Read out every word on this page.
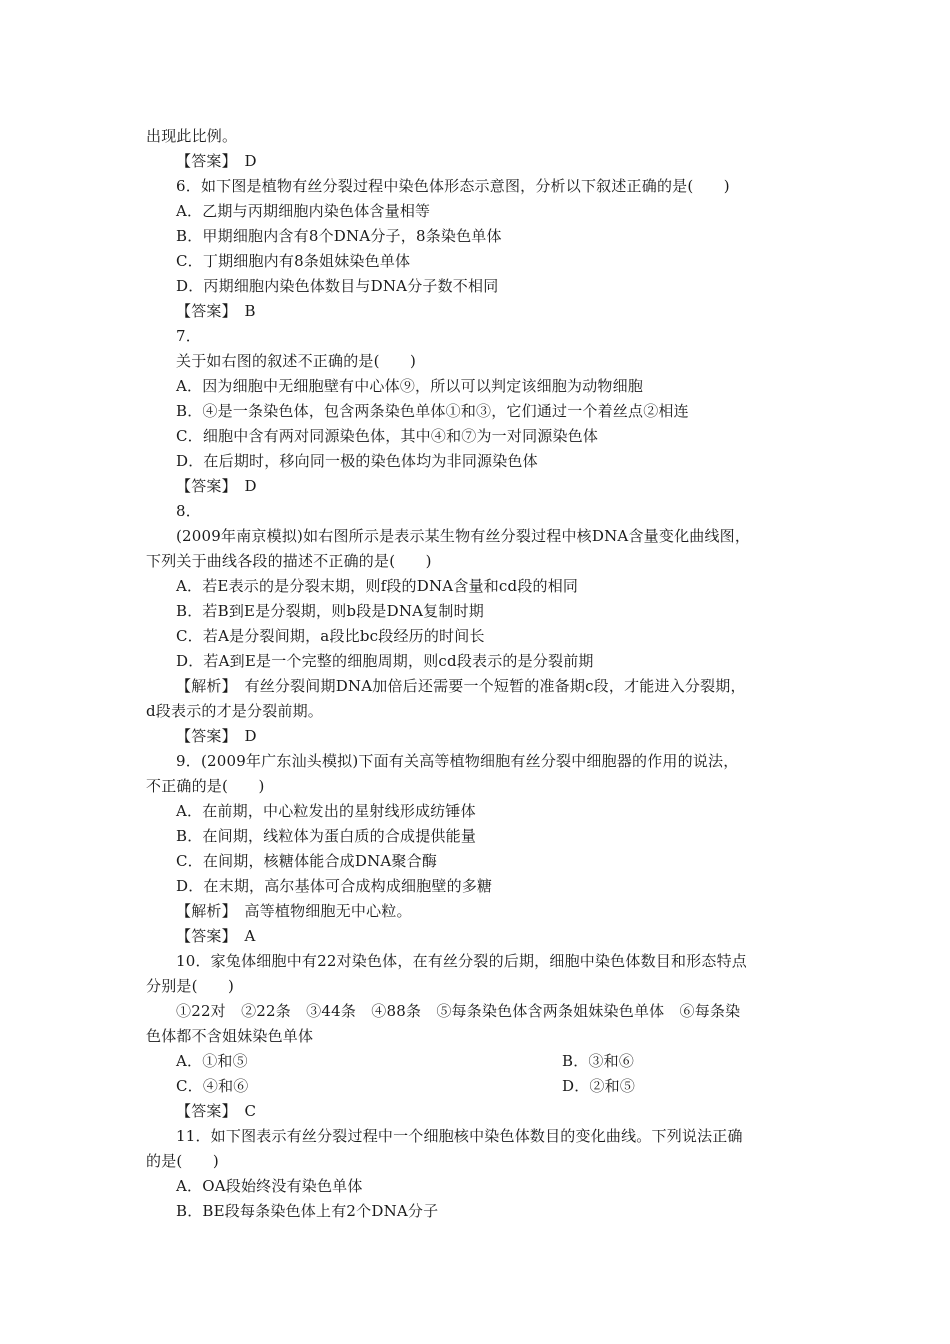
出现此比例。
【答案】　D
6．如下图是植物有丝分裂过程中染色体形态示意图，分析以下叙述正确的是(　　)
A．乙期与丙期细胞内染色体含量相等
B．甲期细胞内含有8个DNA分子，8条染色单体
C．丁期细胞内有8条姐妹染色单体
D．丙期细胞内染色体数目与DNA分子数不相同
【答案】　B
7．
关于如右图的叙述不正确的是(　　)
A．因为细胞中无细胞壁有中心体⑨，所以可以判定该细胞为动物细胞
B．④是一条染色体，包含两条染色单体①和③，它们通过一个着丝点②相连
C．细胞中含有两对同源染色体，其中④和⑦为一对同源染色体
D．在后期时，移向同一极的染色体均为非同源染色体
【答案】　D
8．
(2009年南京模拟)如右图所示是表示某生物有丝分裂过程中核DNA含量变化曲线图，
下列关于曲线各段的描述不正确的是(　　)
A．若E表示的是分裂末期，则f段的DNA含量和cd段的相同
B．若B到E是分裂期，则b段是DNA复制时期
C．若A是分裂间期，a段比bc段经历的时间长
D．若A到E是一个完整的细胞周期，则cd段表示的是分裂前期
【解析】　有丝分裂间期DNA加倍后还需要一个短暂的准备期c段，才能进入分裂期，
d段表示的才是分裂前期。
【答案】　D
9．(2009年广东汕头模拟)下面有关高等植物细胞有丝分裂中细胞器的作用的说法，
不正确的是(　　)
A．在前期，中心粒发出的星射线形成纺锤体
B．在间期，线粒体为蛋白质的合成提供能量
C．在间期，核糖体能合成DNA聚合酶
D．在末期，高尔基体可合成构成细胞壁的多糖
【解析】　高等植物细胞无中心粒。
【答案】　A
10．家兔体细胞中有22对染色体，在有丝分裂的后期，细胞中染色体数目和形态特点
分别是(　　)
①22对　②22条　③44条　④88条　⑤每条染色体含两条姐妹染色单体　⑥每条染
色体都不含姐妹染色单体
A．①和⑤	B．③和⑥
C．④和⑥	D．②和⑤
【答案】　C
11．如下图表示有丝分裂过程中一个细胞核中染色体数目的变化曲线。下列说法正确
的是(　　)
A．OA段始终没有染色单体
B．BE段每条染色体上有2个DNA分子
